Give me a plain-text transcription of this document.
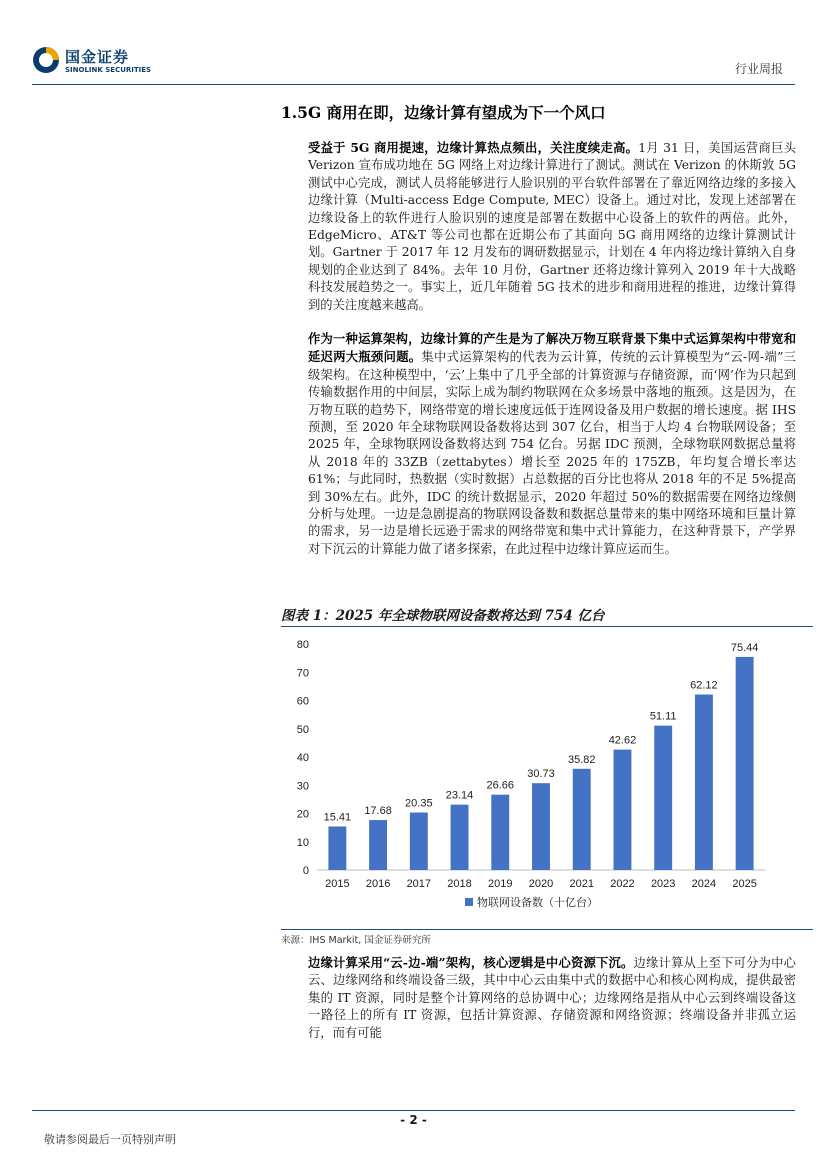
国金证券
SINOLINK SECURITIES	行业周报
1.5G 商用在即，边缘计算有望成为下一个风口

受益于 5G 商用提速，边缘计算热点频出，关注度续走高。1月 31 日，美国运营商巨头 Verizon 宣布成功地在 5G 网络上对边缘计算进行了测试。测试在 Verizon 的休斯敦 5G 测试中心完成，测试人员将能够进行人脸识别的平台软件部署在了靠近网络边缘的多接入边缘计算（Multi-access Edge Compute, MEC）设备上。通过对比，发现上述部署在边缘设备上的软件进行人脸识别的速度是部署在数据中心设备上的软件的两倍。此外，EdgeMicro、AT&T 等公司也都在近期公布了其面向 5G 商用网络的边缘计算测试计划。Gartner 于 2017 年 12 月发布的调研数据显示，计划在 4 年内将边缘计算纳入自身规划的企业达到了 84%。去年 10 月份，Gartner 还将边缘计算列入 2019 年十大战略科技发展趋势之一。事实上，近几年随着 5G 技术的进步和商用进程的推进，边缘计算得到的关注度越来越高。

作为一种运算架构，边缘计算的产生是为了解决万物互联背景下集中式运算架构中带宽和延迟两大瓶颈问题。集中式运算架构的代表为云计算，传统的云计算模型为“云-网-端”三级架构。在这种模型中，‘云’上集中了几乎全部的计算资源与存储资源，而‘网’作为只起到传输数据作用的中间层，实际上成为制约物联网在众多场景中落地的瓶颈。这是因为，在万物互联的趋势下，网络带宽的增长速度远低于连网设备及用户数据的增长速度。据 IHS 预测，至 2020 年全球物联网设备数将达到 307 亿台，相当于人均 4 台物联网设备；至 2025 年，全球物联网设备数将达到 754 亿台。另据 IDC 预测，全球物联网数据总量将从 2018 年的 33ZB（zettabytes）增长至 2025 年的 175ZB，年均复合增长率达 61%；与此同时，热数据（实时数据）占总数据的百分比也将从 2018 年的不足 5%提高到 30%左右。此外，IDC 的统计数据显示，2020 年超过 50%的数据需要在网络边缘侧分析与处理。一边是急剧提高的物联网设备数和数据总量带来的集中网络环境和巨量计算的需求，另一边是增长远逊于需求的网络带宽和集中式计算能力，在这种背景下，产学界对下沉云的计算能力做了诸多探索，在此过程中边缘计算应运而生。

图表 1：2025 年全球物联网设备数将达到 754 亿台
0
10
20
30
40
50
60
70
80
15.41
2015
17.68
2016
20.35
2017
23.14
2018
26.66
2019
30.73
2020
35.82
2021
42.62
2022
51.11
2023
62.12
2024
75.44
2025
物联网设备数（十亿台）
来源：IHS Markit, 国金证券研究所

边缘计算采用“云-边-端”架构，核心逻辑是中心资源下沉。边缘计算从上至下可分为中心云、边缘网络和终端设备三级，其中中心云由集中式的数据中心和核心网构成，提供最密集的 IT 资源，同时是整个计算网络的总协调中心；边缘网络是指从中心云到终端设备这一路径上的所有 IT 资源，包括计算资源、存储资源和网络资源；终端设备并非孤立运行，而有可能

- 2 -
敬请参阅最后一页特别声明
